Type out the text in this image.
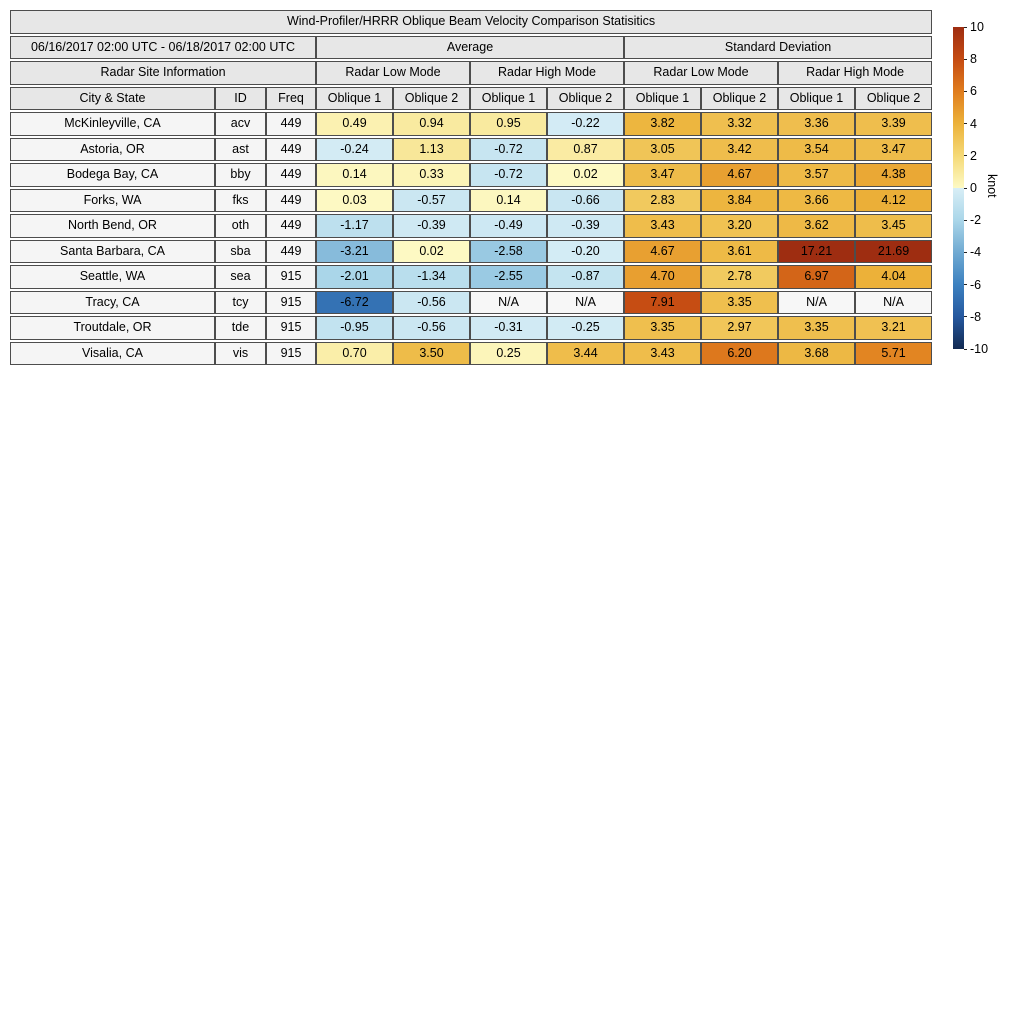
Wind-Profiler/HRRR Oblique Beam Velocity Comparison Statisitics										
06/16/2017 02:00 UTC - 06/18/2017 02:00 UTC			Average				Standard Deviation			
Radar Site Information			Radar Low Mode		Radar High Mode		Radar Low Mode		Radar High Mode	
City & State	ID	Freq	Oblique 1	Oblique 2	Oblique 1	Oblique 2	Oblique 1	Oblique 2	Oblique 1	Oblique 2
McKinleyville, CA	acv	449	0.49	0.94	0.95	-0.22	3.82	3.32	3.36	3.39
Astoria, OR	ast	449	-0.24	1.13	-0.72	0.87	3.05	3.42	3.54	3.47
Bodega Bay, CA	bby	449	0.14	0.33	-0.72	0.02	3.47	4.67	3.57	4.38
Forks, WA	fks	449	0.03	-0.57	0.14	-0.66	2.83	3.84	3.66	4.12
North Bend, OR	oth	449	-1.17	-0.39	-0.49	-0.39	3.43	3.20	3.62	3.45
Santa Barbara, CA	sba	449	-3.21	0.02	-2.58	-0.20	4.67	3.61	17.21	21.69
Seattle, WA	sea	915	-2.01	-1.34	-2.55	-0.87	4.70	2.78	6.97	4.04
Tracy, CA	tcy	915	-6.72	-0.56	N/A	N/A	7.91	3.35	N/A	N/A
Troutdale, OR	tde	915	-0.95	-0.56	-0.31	-0.25	3.35	2.97	3.35	3.21
Visalia, CA	vis	915	0.70	3.50	0.25	3.44	3.43	6.20	3.68	5.71
knot
10
8
6
4
2
0
-2
-4
-6
-8
-10
